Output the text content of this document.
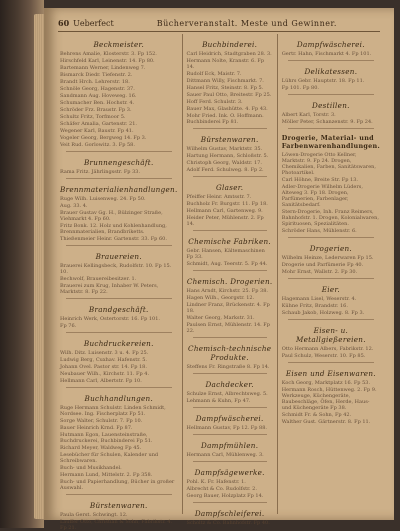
60 Ueberfect	Bücherveranstalt. Meste und Gewinner.
Beckmeister.
Behrens Amalie, Klosterstr. 3. Fp 152.
Hirschfeld Karl, Leinenstr. 14. Fp 80.
Bartemann Werner, Lindenweg 7.
Bismarck Diedr. Tiefenstr. 2.
Brandt Hrch. Lehrerstr. 18.
Schnöle Georg, Hagenstr. 37.
Sandmann Aug. Hoveweg. 16.
Schumacher Ben. Hochstr. 4.
Schröder Frz. Braustr. Fp 3.
Schultz Fritz, Torfmoor 5.
Schäfer Amalia, Gartenstr. 21.
Wegener Karl, Baustr. Fp 41.
Vogeler Georg, Bergweg 14. Fp 3.
Veit Rud. Gorlowitz. 3. Fp 58.
Brunnengeschäft.
Rama Fritz. Jährlingsstr. Fp 33.
Brennmaterialienhandlungen.
Ruge Wilh. Luisenweg. 24. Fp 50.
Aug. 33. 4.
Brauer Gustav Gg. H., Bülzinger Straße, Viehmarkt 4. Fp 60.
Fritz Bonk. 12. Holz und Kohlenhandlung, Brennmaterialien, Brandbriketts.
Thießenmeier Heinr. Gartenstr. 33. Fp 60.
Brauereien.
Brauerei Kellingsbeck, Rudolfstr. 10. Fp 15. 10.
Bechwolf, Brauereibesitzer. 1.
Brauerei zum Krug, Inhaber W. Peters, Marktstr. 8. Fp 22.
Brandgeschäft.
Heinrich Werk, Ostertorstr. 16. Fp 101.
Fp 76.
Buchdruckereien.
Wilh. Ditz. Luisenstr. 3 u. 4. Fp 25.
Ludwig Berg, Cuxhav. Hafenstr. 5.
Johann Ovel. Pastor str. 14. Fp 18.
Neubauer Wilh., Kirchstr. 11. Fp 4.
Hellmann Carl, Albertstr. Fp 10.
Buchhandlungen.
Ruge Hermann Schulstr. Linden Schmidt, Nordsee. Ing. Fischerplatz Fp 51.
Sorge Walter, Schulstr. 7. Fp 10.
Bauer Heinrich Krnd. Fp 87.
Hutmann Egon, Lauensteinstraße, Buchdruckerei, Buchbinderei Fp 51.
Richard Meyer, Waldweg Fp 45.
Lesebücher für Schulen, Kalender und Schreibwaren.
Buch- und Musikhandel.
Hermann Lund, Mittelstr. 2. Fp 358.
Buch- und Papierhandlung, Bücher in großer Auswahl.
Bürstenwaren.
Paula Gerst. Schwingt. 12.
Lauffer Otto, Christian & Sohn, Fabrikstr. 4. Fp 21.
Buchbinderei.
Carl Heidrich, Stadtgraben 28. 3.
Hermann Nolte, Kranstr. 6. Fp 14.
Rudolf Eck, Maistr. 7.
Dittmann Willy, Fischmarkt. 7.
Hansel Fritz, Steinstr. 8. Fp 5.
Sauer Paul Otto, Breitestr. Fp 25.
Hoff Ferd. Schulstr. 3.
Bauer Max, Glashütte. 4. Fp 43.
Mohr Fried. Ink. O. Hoffmann. Buchbinderei Fp 81.
Bürstenwaren.
Wilhelm Gustav, Marktstr. 35.
Hartung Hermann, Schloßstr. 5.
Christoph Georg, Waldstr. 17.
Adolf Ferd. Schulweg. 8. Fp 2.
Glaser.
Pfeiffer Heinr. Amtsstr. 7.
Buchholz Fr. Burgstr. 11. Fp 18.
Hellmann Carl, Gartenweg. 9.
Heider Peter, Mühlenstr. 2. Fp 14.
Chemische Fabriken.
Gebr. Hansen, Kältemaschinen Fp 33.
Schmidt, Aug. Teerstr. 5. Fp 44.
Chemisch. Drogerien.
Hans Arndt, Kirchstr. 25. Fp 38.
Hagen Wilh., Georgstr. 12.
Lindner Franz, Brückenstr. 4. Fp 18.
Walter Georg, Markstr. 31.
Paulsen Ernst, Mühlenstr. 14. Fp 22.
Chemisch-technische Produkte.
Steffens Fr. Ringstraße 8. Fp 14.
Dachdecker.
Schulze Ernst, Albrechtsweg. 5.
Lehmann & Kuhn, Fp 47.
Dampfwäscherei.
Hellmann Gustav, Fp 12. Fp 88.
Dampfmühlen.
Hermann Carl, Mühlenweg. 3.
Dampfsägewerke.
Pohl. K. Fr. Hafenstr. 1.
Albrecht & Co. Rudolfstr. 2.
Georg Bauer, Holzplatz Fp 14.
Dampfschleiferei.
Scholtz & Co. Bahnhofstr. Fp 40.
Dampfwäscherei.
Gertr. Hahn, Fischmarkt 4. Fp 101.
Delikatessen.
Lührs Gebr. Hauptstr. 18. Fp 11.
Fp 101. Fp 80.
Destillen.
Albert Karl, Torstr. 3.
Möller Peter, Schanzenstr. 9. Fp 24.
Drogerie, Material- und Farbenwarenhandlungen.
Löwen-Drogerie Otto Kellner, Marktstr. 9. Fp 24. Drogen, Chemikalien, Farben, Sanitätswaren, Photoartikel.
Carl Höhne, Breite Str. Fp 13.
Adler-Drogerie Wilhelm Lüders, Alteweg 3. Fp 18. Drogen, Parfümerien, Farbenlager, Sanitätsbedarf.
Stern-Drogerie, Inh. Franz Reimers, Bahnhofstr. 1. Drogen, Kolonialwaren, Spirituosen, Spezialitäten.
Schröder Hans, Mühlenstr. 6.
Drogerien.
Wilhelm Heinze, Lederwaren Fp 15.
Drogerie und Parfümerie Fp 40.
Mohr Ernst, Wallstr. 2. Fp 30.
Eier.
Hagemann Lisel, Weserstr. 4.
Kühne Fritz, Brandstr. 16.
Schaub Jakob, Holzweg. 8. Fp 3.
Eisen- u. Metallgießereien.
Otto Hermann Albers, Fabrikstr. 12.
Paul Schulz, Weserstr. 10. Fp 85.
Eisen und Eisenwaren.
Koch Georg, Marktplatz 16. Fp 53.
Hermann Rosch, Hüttenweg. 2. Fp 9. Werkzeuge, Küchengeräte, Baubeschläge, Öfen, Herde, Haus- und Küchengeräte Fp 38.
Schmidt Fr. & Sohn, Fp 42.
Walther Gust. Gärtnerstr. 8. Fp 11.
